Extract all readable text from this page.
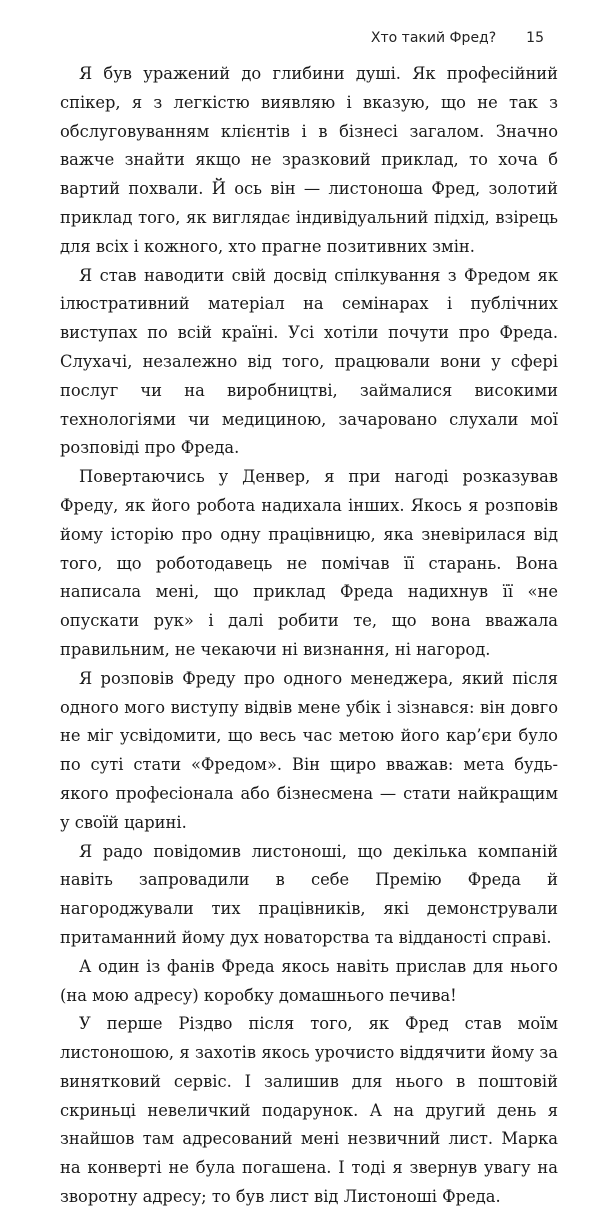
Хто такий Фред? 15

Я був уражений до глибини душі. Як професійний спікер, я з легкістю виявляю і вказую, що не так з обслуговуванням клієнтів і в бізнесі загалом. Значно важче знайти якщо не зразковий приклад, то хоча б вартий похвали. Й ось він — листоноша Фред, золотий приклад того, як виглядає індивідуальний підхід, взірець для всіх і кожного, хто прагне позитивних змін.

Я став наводити свій досвід спілкування з Фредом як ілюстративний матеріал на семінарах і публічних виступах по всій країні. Усі хотіли почути про Фреда. Слухачі, незалежно від того, працювали вони у сфері послуг чи на виробництві, займалися високими технологіями чи медициною, зачаровано слухали мої розповіді про Фреда.

Повертаючись у Денвер, я при нагоді розказував Фреду, як його робота надихала інших. Якось я розповів йому історію про одну працівницю, яка зневірилася від того, що роботодавець не помічав її старань. Вона написала мені, що приклад Фреда надихнув її «не опускати рук» і далі робити те, що вона вважала правильним, не чекаючи ні визнання, ні нагород.

Я розповів Фреду про одного менеджера, який після одного мого виступу відвів мене убік і зізнався: він довго не міг усвідомити, що весь час метою його кар’єри було по суті стати «Фредом». Він щиро вважав: мета будь-якого професіонала або бізнесмена — стати найкращим у своїй царині.

Я радо повідомив листоноші, що декілька компаній навіть запровадили в себе Премію Фреда й нагороджували тих працівників, які демонстрували притаманний йому дух новаторства та відданості справі.

А один із фанів Фреда якось навіть прислав для нього (на мою адресу) коробку домашнього печива!

У перше Різдво після того, як Фред став моїм листоношою, я захотів якось урочисто віддячити йому за винятковий сервіс. І залишив для нього в поштовій скриньці невеличкий подарунок. А на другий день я знайшов там адресований мені незвичний лист. Марка на конверті не була погашена. І тоді я звернув увагу на зворотну адресу; то був лист від Листоноші Фреда.
